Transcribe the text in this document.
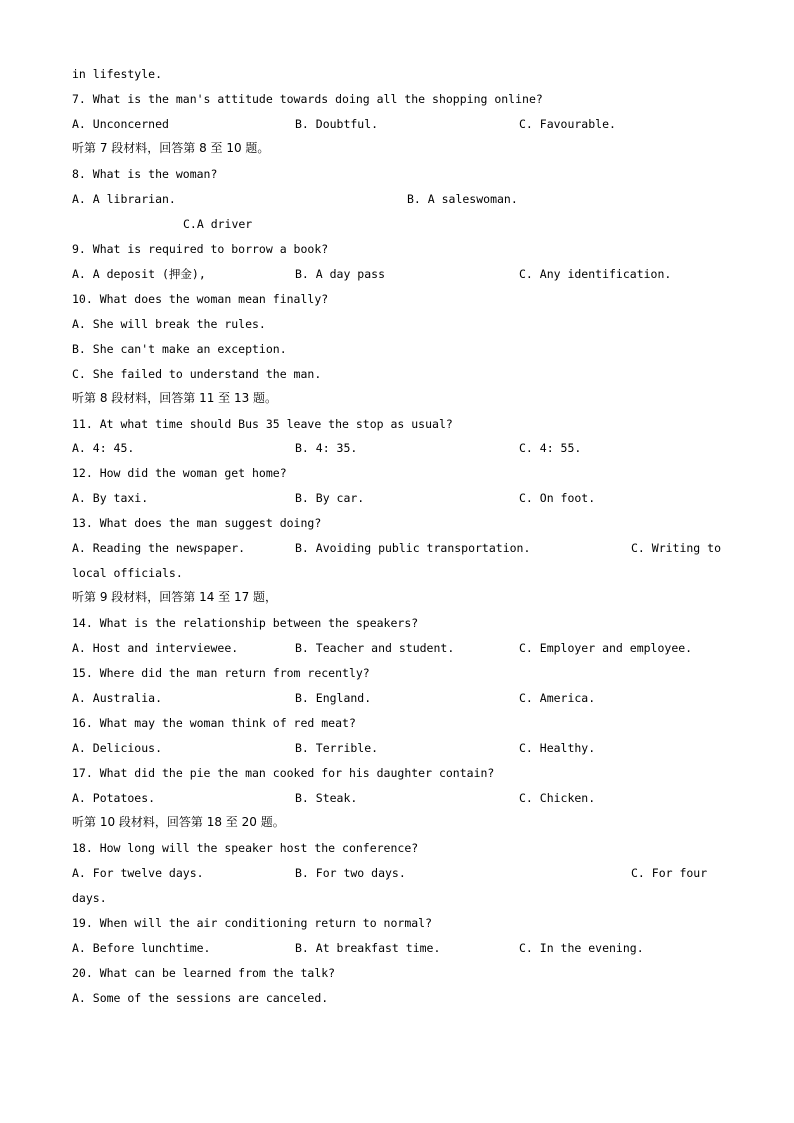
in lifestyle.
7. What is the man's attitude towards doing all the shopping online?
A. Unconcerned	B. Doubtful.	C. Favourable.
听第 7 段材料，回答第 8 至 10 题。
8. What is the woman?
A. A librarian.	B. A saleswoman.
C.A driver
9. What is required to borrow a book?
A. A deposit (押金),	B. A day pass	C. Any identification.
10. What does the woman mean finally?
A. She will break the rules.
B. She can't make an exception.
C. She failed to understand the man.
听第 8 段材料，回答第 11 至 13 题。
11. At what time should Bus 35 leave the stop as usual?
A. 4: 45.	B. 4: 35.	C. 4: 55.
12. How did the woman get home?
A. By taxi.	B. By car.	C. On foot.
13. What does the man suggest doing?
A. Reading the newspaper.	B. Avoiding public transportation.	C. Writing to
local officials.
听第 9 段材料，回答第 14 至 17 题，
14. What is the relationship between the speakers?
A. Host and interviewee.	B. Teacher and student.	C. Employer and employee.
15. Where did the man return from recently?
A. Australia.	B. England.	C. America.
16. What may the woman think of red meat?
A. Delicious.	B. Terrible.	C. Healthy.
17. What did the pie the man cooked for his daughter contain?
A. Potatoes.	B. Steak.	C. Chicken.
听第 10 段材料，回答第 18 至 20 题。
18. How long will the speaker host the conference?
A. For twelve days.	B. For two days.	C. For four
days.
19. When will the air conditioning return to normal?
A. Before lunchtime.	B. At breakfast time.	C. In the evening.
20. What can be learned from the talk?
A. Some of the sessions are canceled.
